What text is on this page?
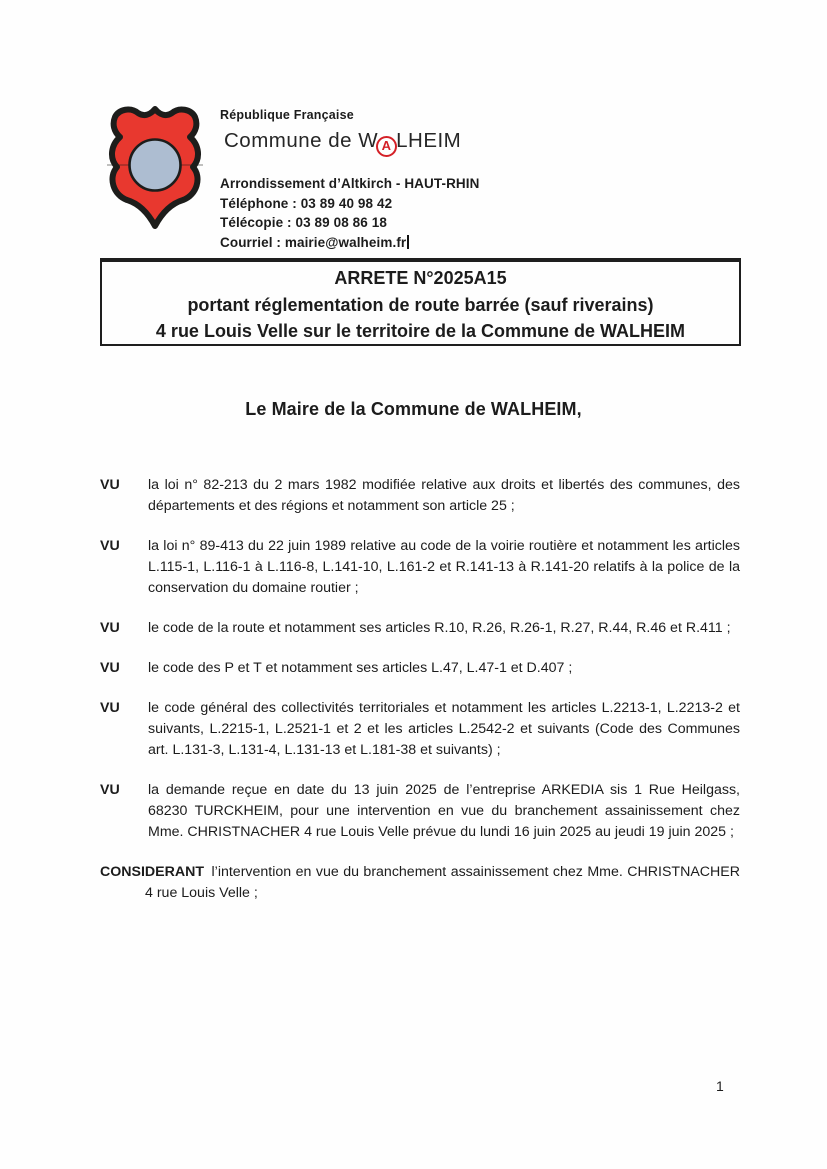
République Française
Commune de W A LHEIM
Arrondissement d’Altkirch - HAUT-RHIN
Téléphone : 03 89 40 98 42
Télécopie : 03 89 08 86 18
Courriel : mairie@walheim.fr
ARRETE N°2025A15
portant réglementation de route barrée (sauf riverains)
4 rue Louis Velle sur le territoire de la Commune de WALHEIM
Le Maire de la Commune de WALHEIM,
VU la loi n° 82-213 du 2 mars 1982 modifiée relative aux droits et libertés des communes, des départements et des régions et notamment son article 25 ;
VU la loi n° 89-413 du 22 juin 1989 relative au code de la voirie routière et notamment les articles L.115-1, L.116-1 à L.116-8, L.141-10, L.161-2 et R.141-13 à R.141-20 relatifs à la police de la conservation du domaine routier ;
VU le code de la route et notamment ses articles R.10, R.26, R.26-1, R.27, R.44, R.46 et R.411 ;
VU le code des P et T et notamment ses articles L.47, L.47-1 et D.407 ;
VU le code général des collectivités territoriales et notamment les articles L.2213-1, L.2213-2 et suivants, L.2215-1, L.2521-1 et 2 et les articles L.2542-2 et suivants (Code des Communes art. L.131-3, L.131-4, L.131-13 et L.181-38 et suivants) ;
VU la demande reçue en date du 13 juin 2025 de l’entreprise ARKEDIA sis 1 Rue Heilgass, 68230 TURCKHEIM, pour une intervention en vue du branchement assainissement chez Mme. CHRISTNACHER 4 rue Louis Velle prévue du lundi 16 juin 2025 au jeudi 19 juin 2025 ;
CONSIDERANT l’intervention en vue du branchement assainissement chez Mme. CHRISTNACHER 4 rue Louis Velle ;
1
